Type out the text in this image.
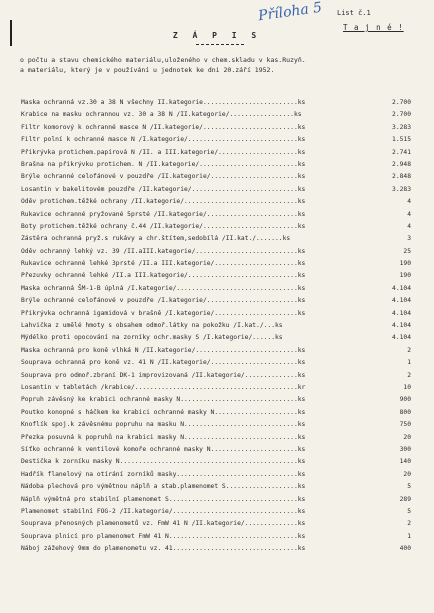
Příloha 5 List č.1
T a j n é !
Z Á P I S
o počtu a stavu chemického materiálu,uloženého v chem.skladu v kas.Ruzyň.
a materiálu, který je v používání u jednotek ke dni 20.září 1952.
Maska ochranná vz.30 a 38 N všechny II.kategorie.........................ks	2.700
Krabice na masku ochrannou vz. 30 a 38 N /II.kategorie/.................ks	2.700
Filtr komorový k ochranné masce N /II.kategorie/.........................ks	3.283
Filtr polní k ochranné masce N /I.kategorie/.............................ks	1.515
Přikrývka protichem.papírová N /II. a III.kategorie/.....................ks	2.741
Brašna na přikrývku protichem. N /II.kategorie/..........................ks	2.948
Brýle ochranné celofánové v pouzdře /II.kategorie/.......................ks	2.848
Losantin v bakelitovém pouzdře /II.kategorie/............................ks	3.283
Oděv protichem.těžké ochrany /II.kategorie/..............................ks	4
Rukavice ochranné pryžované 5prsté /II.kategorie/........................ks	4
Boty protichem.těžké ochrany č.44 /II.kategorie/.........................ks	4
Zástěra ochranná pryž.s rukávy a chr.štítem,sedobílá /II.kat./.......ks	3
Oděv ochranný lehký vz. 39 /II.aIII.kategorie/...........................ks	25
Rukavice ochranné lehké 3prsté /II.a III.kategorie/......................ks	190
Přezuvky ochranné lehké /II.a III.kategorie/.............................ks	190
Maska ochranná ŠM-1-B úplná /I.kategorie/................................ks	4.104
Brýle ochranné celofánové v pouzdře /I.kategorie/........................ks	4.104
Přikrývka ochranná igamidová v brašně /I.kategorie/......................ks	4.104
Lahvička z umělé hmoty s obsahem odmoř.látky na pokožku /I.kat./...ks	4.104
Mýdélko proti opocování na zorníky ochr.masky S /I.kategorie/......ks	4.104
Maska ochranná pro koně vlhká N /II.kategorie/...........................ks	2
Souprava ochranná pro koně vz. 41 N /II.kategorie/.......................ks	1
Souprava pro odmoř.zbraní DK-1 improvizovaná /II.kategorie/..............ks	2
Losantin v tabletách /krabice/...........................................kr	10
Popruh závěsný ke krabici ochranné masky N...............................ks	900
Poutko konopné s háčkem ke krabici ochranné masky N......................ks	800
Knoflík spoj.k závěsnému popruhu na masku N..............................ks	750
Přezka posuvná k popruhů na krabici masky N..............................ks	20
Síťko ochranné k ventilové komoře ochranné masky N.......................ks	300
Destička k zorníku masky N...............................................ks	140
Hadřík flanelový na otírání zorníků masky................................ks	20
Nádoba plechová pro výmětnou náplň a stab.plamenomet S...................ks	5
Náplň výmětná pro stabilní plamenomet S..................................ks	289
Plamenomet stabilní FOG-2 /II.kategorie/.................................ks	5
Souprava přenosných plamenometů vz. FmW 41 N /II.kategorie/..............ks	2
Souprava plnicí pro plamenomet FmW 41 N..................................ks	1
Náboj zážehový 9mm do plamenometu vz. 41.................................ks	400
